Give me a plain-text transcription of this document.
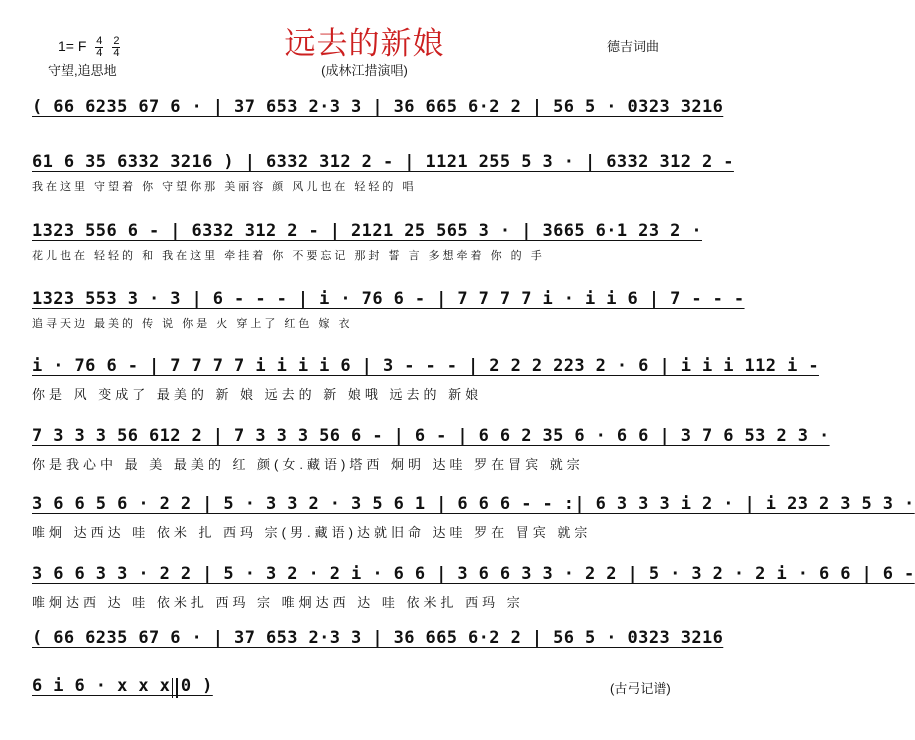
远去的新娘
(成林江措演唱)
1= F $\frac{4}{4}$
$\frac{2}{4}$
守望,追思地
德吉词曲
( 66 6235 67 6 · | 37 653 2·3 3 | 36 665 6·2 2 | 56 5 · 0323 3216
61 6 35 6332 3216 ) | 6332 312 2 - | 1121 255 5 3 · | 6332 312 2 -
我在这里 守望着 你 守望你那 美丽容 颜 风儿也在 轻轻的 唱
1323 556 6 - | 6332 312 2 - | 2121 25 565 3 · | 3665 6·1 23 2 ·
花儿也在 轻轻的 和 我在这里 牵挂着 你 不要忘记 那封 誓 言 多想牵着 你 的 手
1323 553 3 · 3 | 6 - - - | i · 76 6 - | 7 7 7 7 i · i i 6 | 7 - - -
追寻天边 最美的 传 说 你是 火 穿上了 红色 嫁 衣
i · 76 6 - | 7 7 7 7 i i i i 6 | 3 - - - | 2 2 2 223 2 · 6 | i i i 112 i -
你是 风 变成了 最美的 新 娘 远去的 新 娘哦 远去的 新娘
7 3 3 3 56 612 2 | 7 3 3 3 56 6 - | 6 - | 6 6 2 35 6 · 6 6 | 3 7 6 53 2 3 ·
你是我心中 最 美 最美的 红 颜(女.藏语)塔西 炯明 达哇 罗在冒宾 就宗
3 6 6 5 6 · 2 2 | 5 · 3 3 2 · 3 5 6 1 | 6 6 6 - - :| 6 3 3 3 i 2 · | i 23 2 3 5 3 ·
唯炯 达西达 哇 依米 扎 西玛 宗(男.藏语)达就旧命 达哇 罗在 冒宾 就宗
3 6 6 3 3 · 2 2 | 5 · 3 2 · 2 i · 6 6 | 3 6 6 3 3 · 2 2 | 5 · 3 2 · 2 i · 6 6 | 6 -
唯炯达西 达 哇 依米扎 西玛 宗 唯炯达西 达 哇 依米扎 西玛 宗
( 66 6235 67 6 · | 37 653 2·3 3 | 36 665 6·2 2 | 56 5 · 0323 3216
6 i 6 · x x x 0 )	(古弓记谱)
